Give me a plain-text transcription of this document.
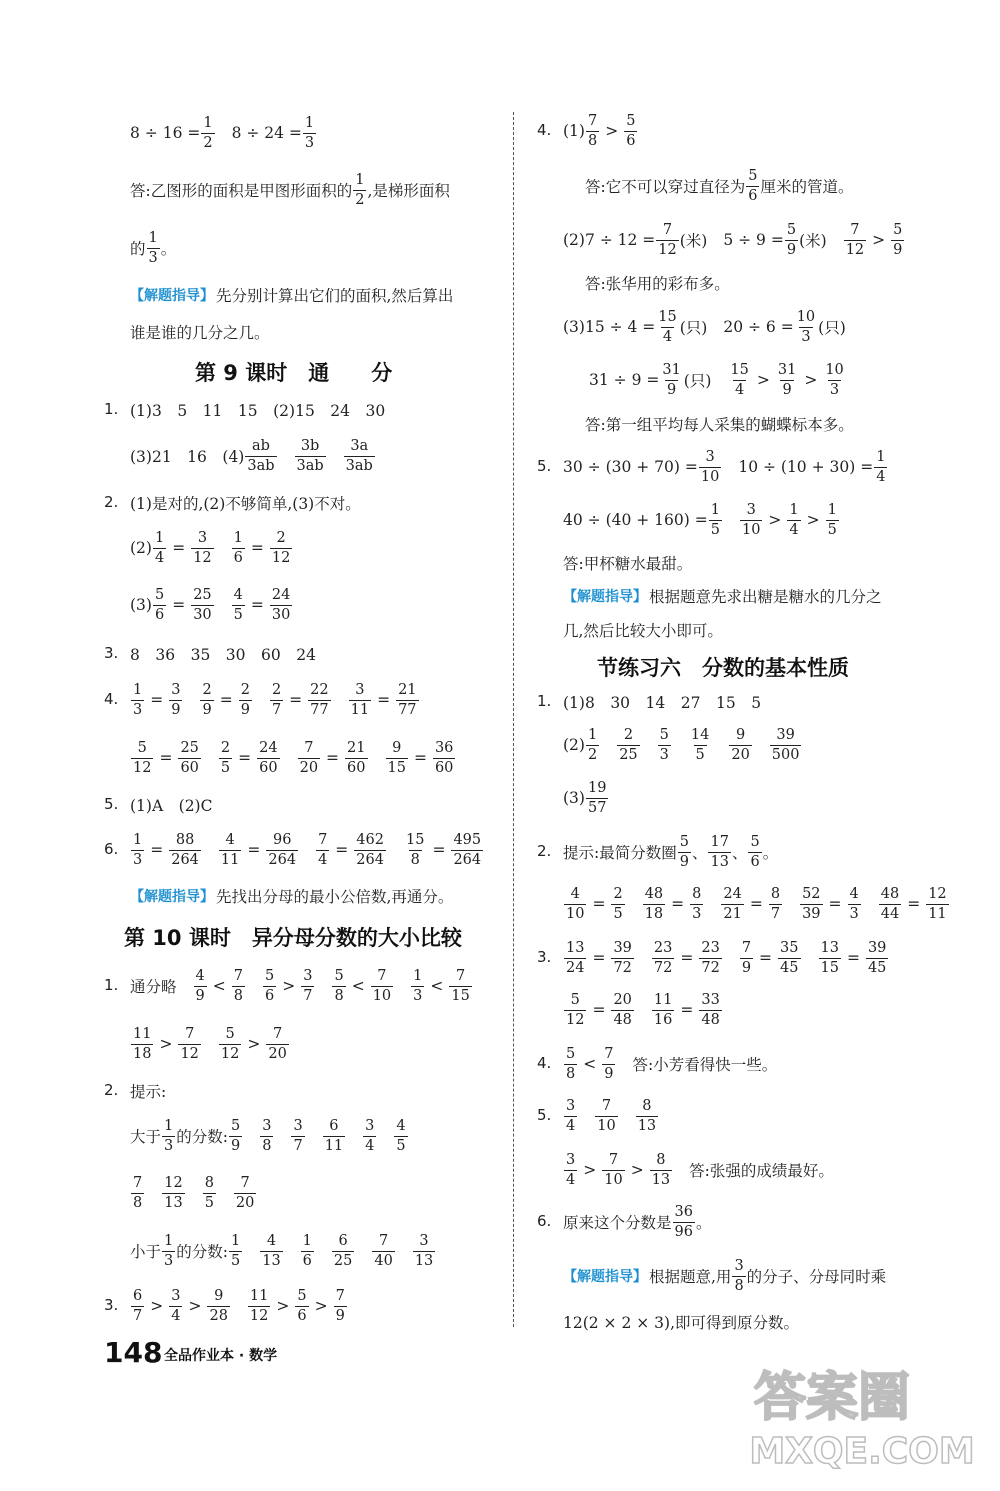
$8 \div 16 = \frac{1}{2} 8 \div 24 = \frac{1}{3}$
答:乙图形的面积是甲图形面积的
1
2 ,是梯形面积
的
1
3 。
【解题指导】 先分别计算出它们的面积,然后算出
谁是谁的几分之几。
第 9 课时　通　　分
1. (1)3　5　11　15　(2)15　24　30
(3)21　16　(4)
ab
3ab
3b
3ab
3a
3ab
2. (1)是对的,(2)不够简单,(3)不对。
$(2) \frac{1}{4} = \frac{3}{12} \frac{1}{6} = \frac{2}{12}$
$(3) \frac{5}{6} = \frac{25}{30} \frac{4}{5} = \frac{24}{30}$
3. 8　36　35　30　60　24
4. $\frac{1}{3} = \frac{3}{9} \frac{2}{9} = \frac{2}{9} \frac{2}{7} = \frac{22}{77} \frac{3}{11} = \frac{21}{77}$
$\frac{5}{12} = \frac{25}{60} \frac{2}{5} = \frac{24}{60} \frac{7}{20} = \frac{21}{60} \frac{9}{15} = \frac{36}{60}$
5. (1)A　(2)C
6. $\frac{1}{3} = \frac{88}{264} \frac{4}{11} = \frac{96}{264} \frac{7}{4} = \frac{462}{264} \frac{15}{8} = \frac{495}{264}$
【解题指导】 先找出分母的最小公倍数,再通分。
第 10 课时　异分母分数的大小比较
1. 通分略
4
9
<
7
8
5
6
>
3
7
5
8
<
7
10
1
3
<
7
15
11
18
>
7
12
5
12
>
7
20
2. 提示:
大于
1
3 的分数:
5
9
3
8
3
7
6
11
3
4
4
5
7
8
12
13
8
5
7
20
小于
1
3 的分数:
1
5
4
13
1
6
6
25
7
40
3
13
3. 6
7
>
3
4
>
9
28
11
12
>
5
6
>
7
9
4. (1)
7
8
>
5
6
答:它不可以穿过直径为
5
6 厘米的管道。
$(2)7 \div 12 = \frac{7}{12}$ (米) $5 \div 9 = \frac{5}{9}$ (米)
7
12
>
5
9
答:张华用的彩布多。
$(3)15 \div 4 = \frac{15}{4}$ (只) $20 \div 6 = \frac{10}{3}$ (只)
$31 \div 9 = \frac{31}{9}$ (只)
15
4
>
31
9
>
10
3
答:第一组平均每人采集的蝴蝶标本多。
5. $30 \div (30 + 70) = \frac{3}{10} 10 \div (10 + 30) = \frac{1}{4}$
$40 \div (40 + 160) = \frac{1}{5} 3$
10
>
1
4
>
1
5
答:甲杯糖水最甜。
【解题指导】 根据题意先求出糖是糖水的几分之
几,然后比较大小即可。
节练习六　分数的基本性质
1. (1)8　30　14　27　15　5
(2)
1
2
2
25
5
3
14
5
9
20
39
500
(3)
19
57
2. 提示:最简分数圈
5
9 、
17
13 、
5
6 。
$\frac{4}{10} = \frac{2}{5} \frac{48}{18} = \frac{8}{3} \frac{24}{21} = \frac{8}{7} \frac{52}{39} = \frac{4}{3} \frac{48}{44} = \frac{12}{11}$
3. $\frac{13}{24} = \frac{39}{72} \frac{23}{72} = \frac{23}{72} \frac{7}{9} = \frac{35}{45} \frac{13}{15} = \frac{39}{45}$
$\frac{5}{12} = \frac{20}{48} \frac{11}{16} = \frac{33}{48}$
4. 5
8
<
7
9 答:小芳看得快一些。
5. 3
4
7
10
8
13
3
4
>
7
10
>
8
13 答:张强的成绩最好。
6. 原来这个分数是
36
96 。
【解题指导】 根据题意,用
3
8 的分子、分母同时乘
12(2 × 2 × 3),即可得到原分数。
148 全品作业本 · 数学
答案圈
MXQE.COM
